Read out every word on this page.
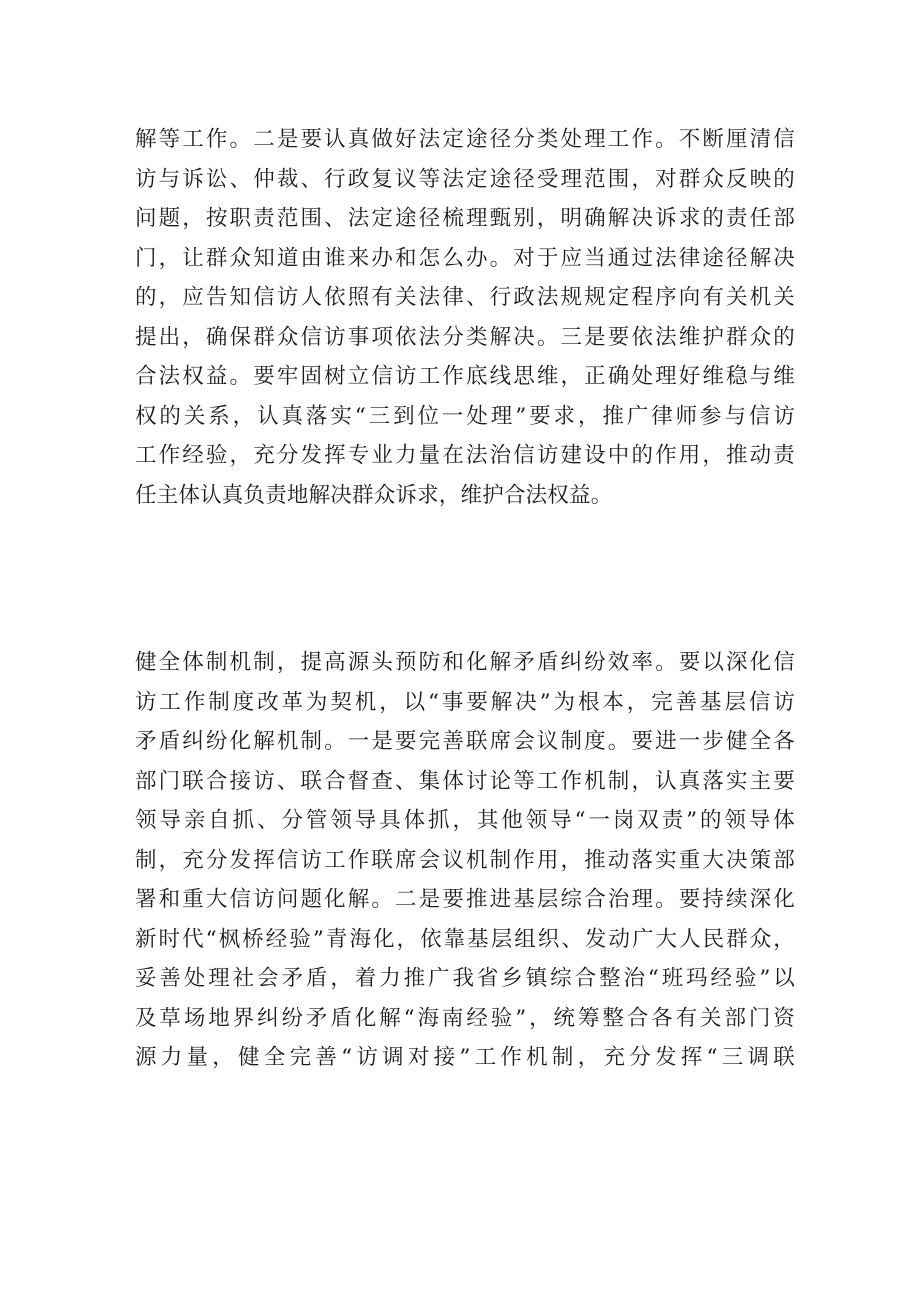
解等工作。二是要认真做好法定途径分类处理工作。不断厘清信
访与诉讼、仲裁、行政复议等法定途径受理范围，对群众反映的
问题，按职责范围、法定途径梳理甄别，明确解决诉求的责任部
门，让群众知道由谁来办和怎么办。对于应当通过法律途径解决
的，应告知信访人依照有关法律、行政法规规定程序向有关机关
提出，确保群众信访事项依法分类解决。三是要依法维护群众的
合法权益。要牢固树立信访工作底线思维，正确处理好维稳与维
权的关系，认真落实“三到位一处理”要求，推广律师参与信访
工作经验，充分发挥专业力量在法治信访建设中的作用，推动责
任主体认真负责地解决群众诉求，维护合法权益。
健全体制机制，提高源头预防和化解矛盾纠纷效率。要以深化信
访工作制度改革为契机，以“事要解决”为根本，完善基层信访
矛盾纠纷化解机制。一是要完善联席会议制度。要进一步健全各
部门联合接访、联合督查、集体讨论等工作机制，认真落实主要
领导亲自抓、分管领导具体抓，其他领导“一岗双责”的领导体
制，充分发挥信访工作联席会议机制作用，推动落实重大决策部
署和重大信访问题化解。二是要推进基层综合治理。要持续深化
新时代“枫桥经验”青海化，依靠基层组织、发动广大人民群众，
妥善处理社会矛盾，着力推广我省乡镇综合整治“班玛经验”以
及草场地界纠纷矛盾化解“海南经验”，统筹整合各有关部门资
源力量，健全完善“访调对接”工作机制，充分发挥“三调联
